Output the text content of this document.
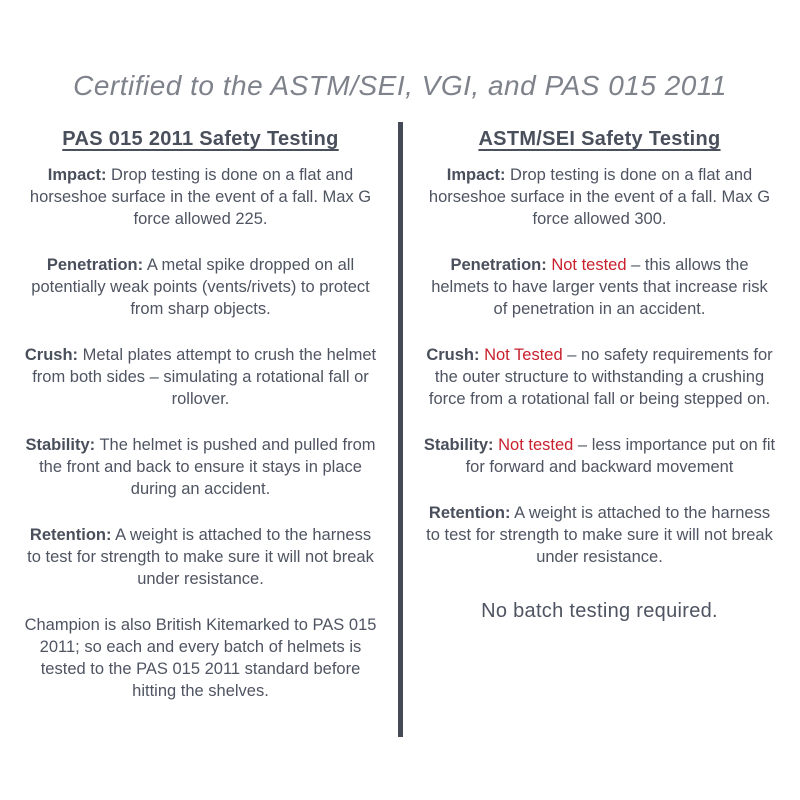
Certified to the ASTM/SEI, VGI, and PAS 015 2011
PAS 015 2011 Safety Testing

Impact: Drop testing is done on a flat and horseshoe surface in the event of a fall. Max G force allowed 225.

Penetration: A metal spike dropped on all potentially weak points (vents/rivets) to protect from sharp objects.

Crush: Metal plates attempt to crush the helmet from both sides – simulating a rotational fall or rollover.

Stability: The helmet is pushed and pulled from the front and back to ensure it stays in place during an accident.

Retention: A weight is attached to the harness to test for strength to make sure it will not break under resistance.

Champion is also British Kitemarked to PAS 015 2011; so each and every batch of helmets is tested to the PAS 015 2011 standard before hitting the shelves.

ASTM/SEI Safety Testing

Impact: Drop testing is done on a flat and horseshoe surface in the event of a fall. Max G force allowed 300.

Penetration: Not tested – this allows the helmets to have larger vents that increase risk of penetration in an accident.

Crush: Not Tested – no safety requirements for the outer structure to withstanding a crushing force from a rotational fall or being stepped on.

Stability: Not tested – less importance put on fit for forward and backward movement

Retention: A weight is attached to the harness to test for strength to make sure it will not break under resistance.

No batch testing required.
